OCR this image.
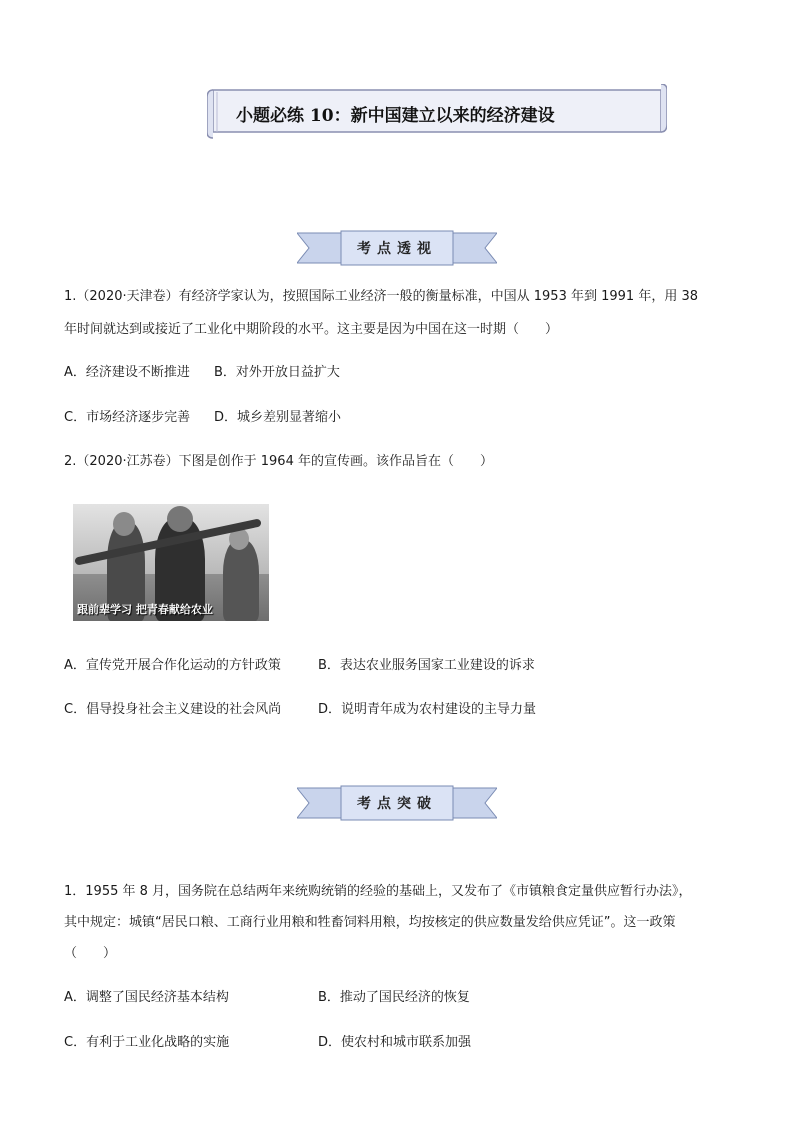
小题必练 10：新中国建立以来的经济建设
考点透视
1.（2020·天津卷）有经济学家认为，按照国际工业经济一般的衡量标准，中国从 1953 年到 1991 年，用 38
年时间就达到或接近了工业化中期阶段的水平。这主要是因为中国在这一时期（　　）
A．经济建设不断推进 B．对外开放日益扩大
C．市场经济逐步完善 D．城乡差别显著缩小
2.（2020·江苏卷）下图是创作于 1964 年的宣传画。该作品旨在（　　）
跟前辈学习 把青春献给农业
A．宣传党开展合作化运动的方针政策	B．表达农业服务国家工业建设的诉求
C．倡导投身社会主义建设的社会风尚	D．说明青年成为农村建设的主导力量
考点突破
1．1955 年 8 月，国务院在总结两年来统购统销的经验的基础上，又发布了《市镇粮食定量供应暂行办法》，
其中规定：城镇“居民口粮、工商行业用粮和牲畜饲料用粮，均按核定的供应数量发给供应凭证”。这一政策
（　　）
A．调整了国民经济基本结构	B．推动了国民经济的恢复
C．有利于工业化战略的实施	D．使农村和城市联系加强
